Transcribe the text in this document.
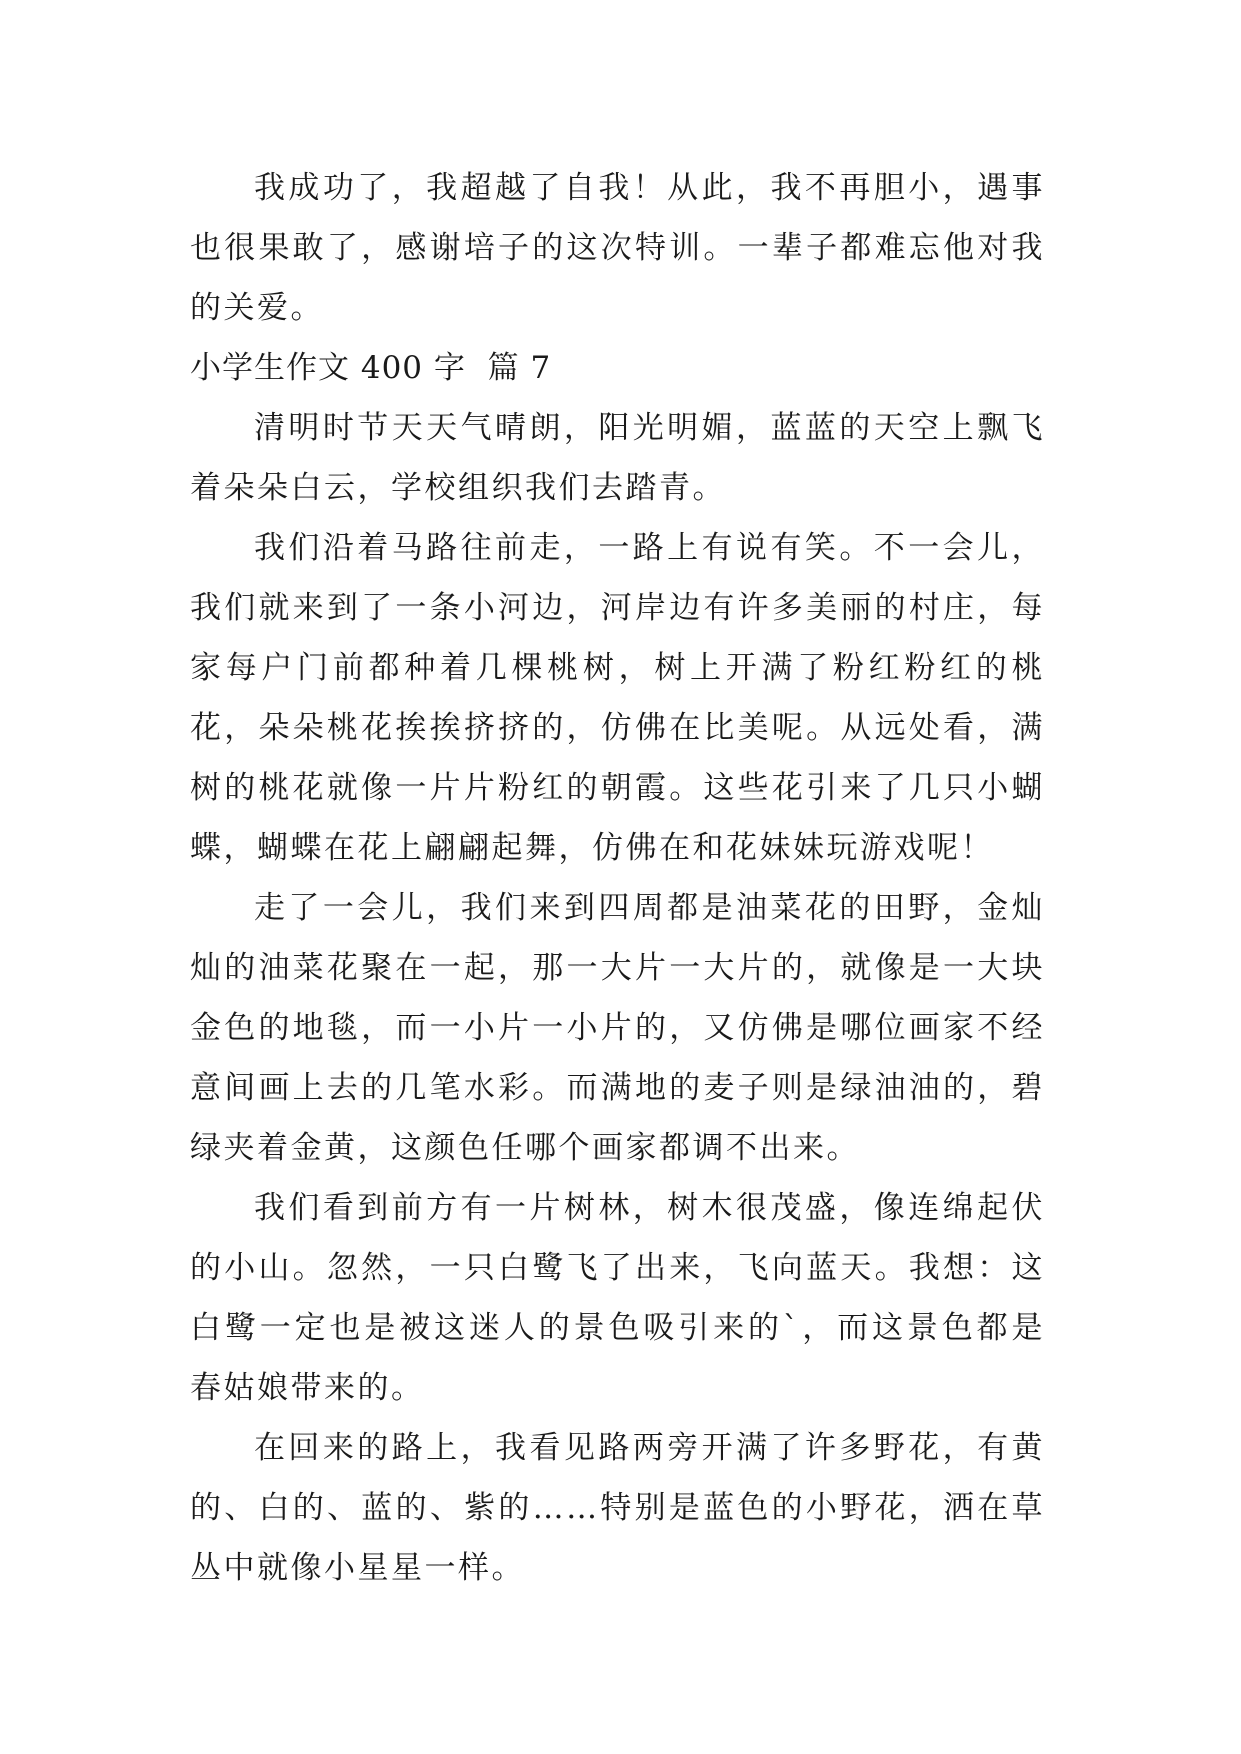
我成功了，我超越了自我！从此，我不再胆小，遇事也很果敢了，感谢培子的这次特训。一辈子都难忘他对我的关爱。

小学生作文 400 字  篇 7

清明时节天天气晴朗，阳光明媚，蓝蓝的天空上飘飞着朵朵白云，学校组织我们去踏青。

我们沿着马路往前走，一路上有说有笑。不一会儿，我们就来到了一条小河边，河岸边有许多美丽的村庄，每家每户门前都种着几棵桃树，树上开满了粉红粉红的桃花，朵朵桃花挨挨挤挤的，仿佛在比美呢。从远处看，满树的桃花就像一片片粉红的朝霞。这些花引来了几只小蝴蝶，蝴蝶在花上翩翩起舞，仿佛在和花妹妹玩游戏呢！

走了一会儿，我们来到四周都是油菜花的田野，金灿灿的油菜花聚在一起，那一大片一大片的，就像是一大块金色的地毯，而一小片一小片的，又仿佛是哪位画家不经意间画上去的几笔水彩。而满地的麦子则是绿油油的，碧绿夹着金黄，这颜色任哪个画家都调不出来。

我们看到前方有一片树林，树木很茂盛，像连绵起伏的小山。忽然，一只白鹭飞了出来，飞向蓝天。我想：这白鹭一定也是被这迷人的景色吸引来的`，而这景色都是春姑娘带来的。

在回来的路上，我看见路两旁开满了许多野花，有黄的、白的、蓝的、紫的……特别是蓝色的小野花，洒在草丛中就像小星星一样。
